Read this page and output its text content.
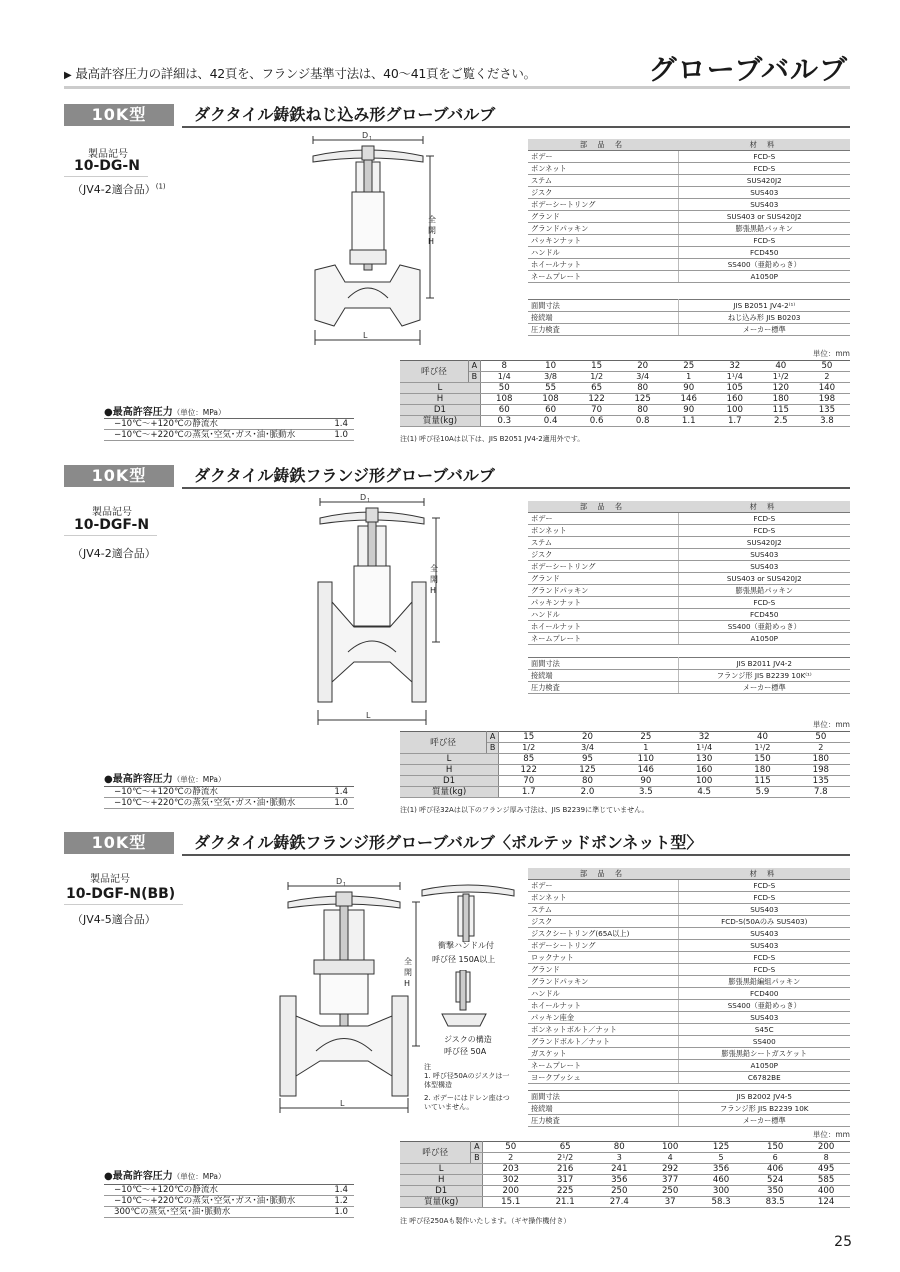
▶ 最高許容圧力の詳細は、42頁を、フランジ基準寸法は、40～41頁をご覧ください。	グローブバルブ
10K型	ダクタイル鋳鉄ねじ込み形グローブバルブ
製品記号
10-DG-N
（JV4-2適合品）$^{(1)}$
D 1
L
全開H
部 品 名	材 料
ボデー	FCD-S
ボンネット	FCD-S
ステム	SUS420J2
ジスク	SUS403
ボデーシートリング	SUS403
グランド	SUS403 or SUS420J2
グランドパッキン	膨張黒鉛パッキン
パッキンナット	FCD-S
ハンドル	FCD450
ホイールナット	SS400（亜鉛めっき）
ネームプレート	A1050P
面間寸法	JIS B2051 JV4-2⁽¹⁾
接続端	ねじ込み形 JIS B0203
圧力検査	メーカー標準
単位：mm
呼び径	A	8	10	15	20	25	32	40	50
	B	1/4	3/8	1/2	3/4	1	1¹/4	1¹/2	2
L		50	55	65	80	90	105	120	140
H		108	108	122	125	146	160	180	198
D1		60	60	70	80	90	100	115	135
質量(kg)		0.3	0.4	0.6	0.8	1.1	1.7	2.5	3.8
注(1) 呼び径10Aは以下は、JIS B2051 JV4-2適用外です。
●最高許容圧力（単位：MPa）
−10℃～+120℃の静流水	1.4
−10℃～+220℃の蒸気･空気･ガス･油･脈動水	1.0
10K型	ダクタイル鋳鉄フランジ形グローブバルブ
製品記号
10-DGF-N
（JV4-2適合品）
D 1
L
全開H
部 品 名	材 料
ボデー	FCD-S
ボンネット	FCD-S
ステム	SUS420J2
ジスク	SUS403
ボデーシートリング	SUS403
グランド	SUS403 or SUS420J2
グランドパッキン	膨張黒鉛パッキン
パッキンナット	FCD-S
ハンドル	FCD450
ホイールナット	SS400（亜鉛めっき）
ネームプレート	A1050P
面間寸法	JIS B2011 JV4-2
接続端	フランジ形 JIS B2239 10K⁽¹⁾
圧力検査	メーカー標準
単位：mm
呼び径	A	15	20	25	32	40	50
	B	1/2	3/4	1	1¹/4	1¹/2	2
L		85	95	110	130	150	180
H		122	125	146	160	180	198
D1		70	80	90	100	115	135
質量(kg)		1.7	2.0	3.5	4.5	5.9	7.8
注(1) 呼び径32Aは以下のフランジ厚み寸法は、JIS B2239に準じていません。
●最高許容圧力（単位：MPa）
−10℃～+120℃の静流水	1.4
−10℃～+220℃の蒸気･空気･ガス･油･脈動水	1.0
10K型	ダクタイル鋳鉄フランジ形グローブバルブ〈ボルテッドボンネット型〉
製品記号
10-DGF-N(BB)
（JV4-5適合品）
D 1
L
全開H
衝撃ハンドル付
呼び径 150A以上
ジスクの構造
呼び径 50A
注
1. 呼び径50Aのジスクは一体型構造
2. ボデーにはドレン座はついていません。
部 品 名	材 料
ボデー	FCD-S
ボンネット	FCD-S
ステム	SUS403
ジスク	FCD-S(50Aのみ SUS403)
ジスクシートリング(65A以上)	SUS403
ボデーシートリング	SUS403
ロックナット	FCD-S
グランド	FCD-S
グランドパッキン	膨張黒鉛編組パッキン
ハンドル	FCD400
ホイールナット	SS400（亜鉛めっき）
パッキン座金	SUS403
ボンネットボルト／ナット	S45C
グランドボルト／ナット	SS400
ガスケット	膨張黒鉛シートガスケット
ネームプレート	A1050P
ヨークブッシュ	C6782BE
面間寸法	JIS B2002 JV4-5
接続端	フランジ形 JIS B2239 10K
圧力検査	メーカー標準
単位：mm
呼び径	A	50	65	80	100	125	150	200
	B	2	2¹/2	3	4	5	6	8
L		203	216	241	292	356	406	495
H		302	317	356	377	460	524	585
D1		200	225	250	250	300	350	400
質量(kg)		15.1	21.1	27.4	37	58.3	83.5	124
注 呼び径250Aも製作いたします。（ギヤ操作機付き）
●最高許容圧力（単位：MPa）
−10℃～+120℃の静流水	1.4
−10℃～+220℃の蒸気･空気･ガス･油･脈動水	1.2
300℃の蒸気･空気･油･脈動水	1.0
25
